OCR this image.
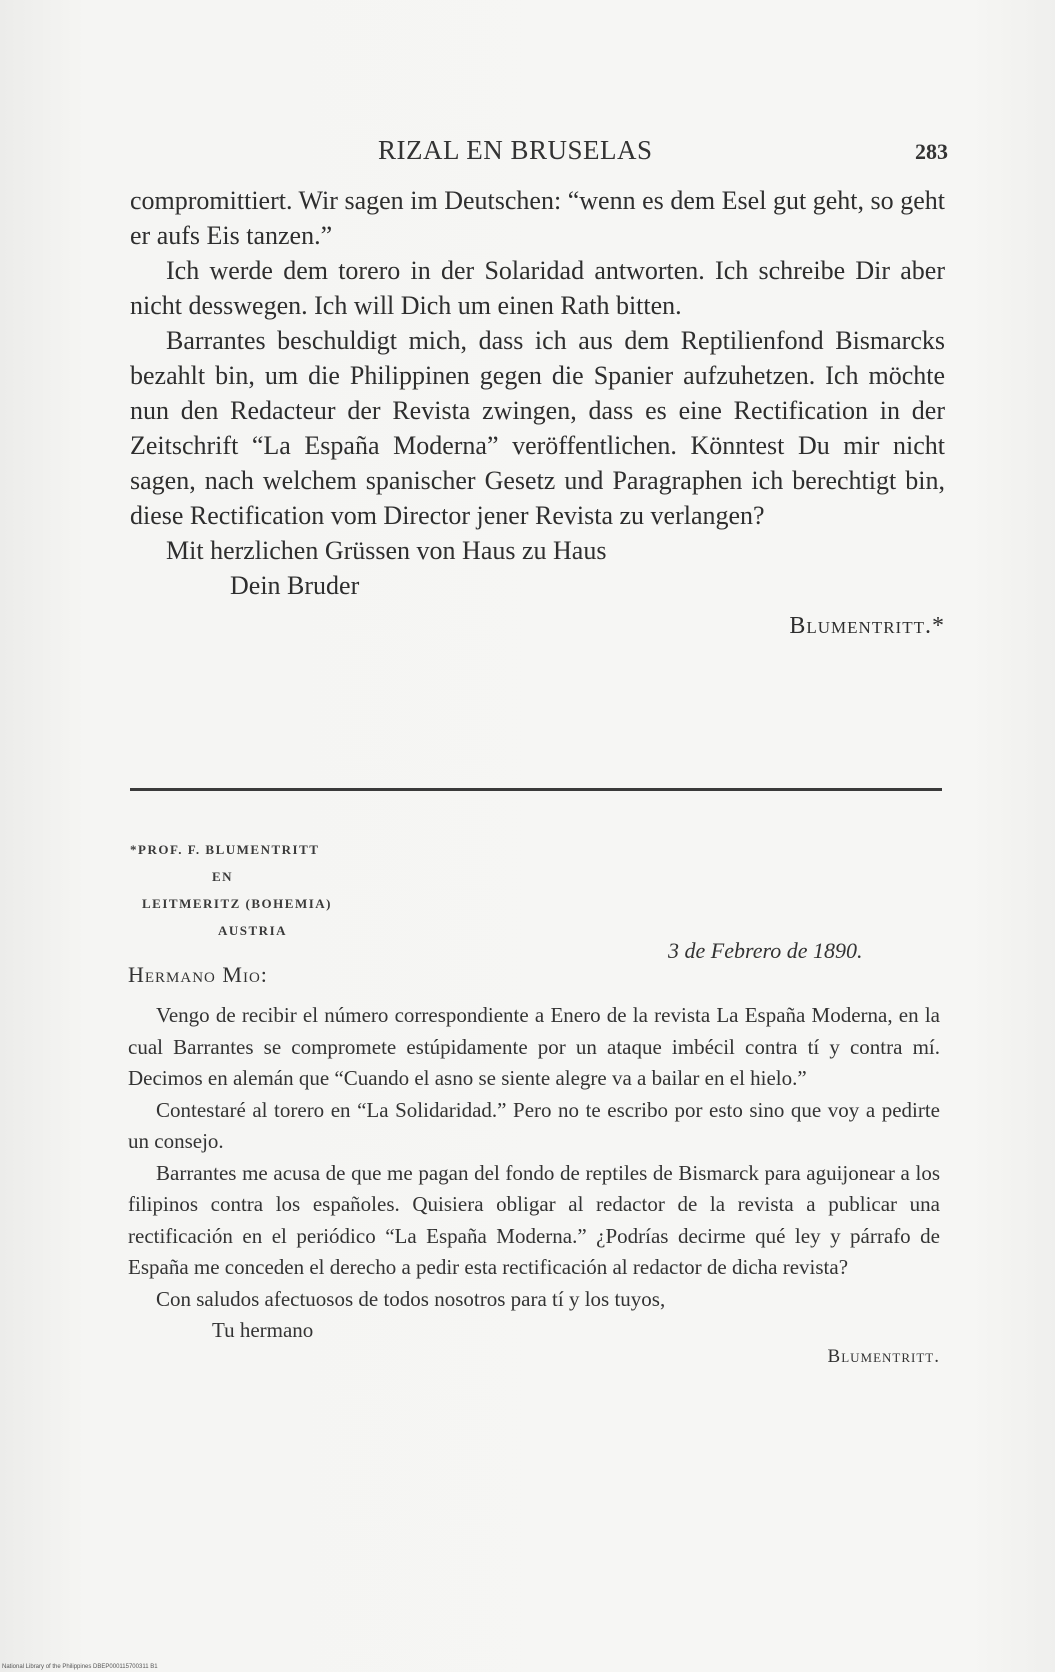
RIZAL EN BRUSELAS	283

compromittiert. Wir sagen im Deutschen: “wenn es dem Esel gut geht, so geht er aufs Eis tanzen.”

Ich werde dem torero in der Solaridad antworten. Ich schreibe Dir aber nicht desswegen. Ich will Dich um einen Rath bitten.

Barrantes beschuldigt mich, dass ich aus dem Reptilienfond Bismarcks bezahlt bin, um die Philippinen gegen die Spanier aufzuhetzen. Ich möchte nun den Redacteur der Revista zwingen, dass es eine Rectification in der Zeitschrift “La España Moderna” veröffentlichen. Könntest Du mir nicht sagen, nach welchem spanischer Gesetz und Paragraphen ich berechtigt bin, diese Rectification vom Director jener Revista zu verlangen?

Mit herzlichen Grüssen von Haus zu Haus

Dein Bruder

Blumentritt.*

*PROF. F. BLUMENTRITT
EN
LEITMERITZ (BOHEMIA)
AUSTRIA
3 de Febrero de 1890.
Hermano Mio:

Vengo de recibir el número correspondiente a Enero de la revista La España Moderna, en la cual Barrantes se compromete estúpidamente por un ataque imbécil contra tí y contra mí. Decimos en alemán que “Cuando el asno se siente alegre va a bailar en el hielo.”

Contestaré al torero en “La Solidaridad.” Pero no te escribo por esto sino que voy a pedirte un consejo.

Barrantes me acusa de que me pagan del fondo de reptiles de Bismarck para aguijonear a los filipinos contra los españoles. Quisiera obligar al redactor de la revista a publicar una rectificación en el periódico “La España Moderna.” ¿Podrías decirme qué ley y párrafo de España me conceden el derecho a pedir esta rectificación al redactor de dicha revista?

Con saludos afectuosos de todos nosotros para tí y los tuyos,

Tu hermano

Blumentritt.

National Library of the Philippines DBEP000115700311 B1
